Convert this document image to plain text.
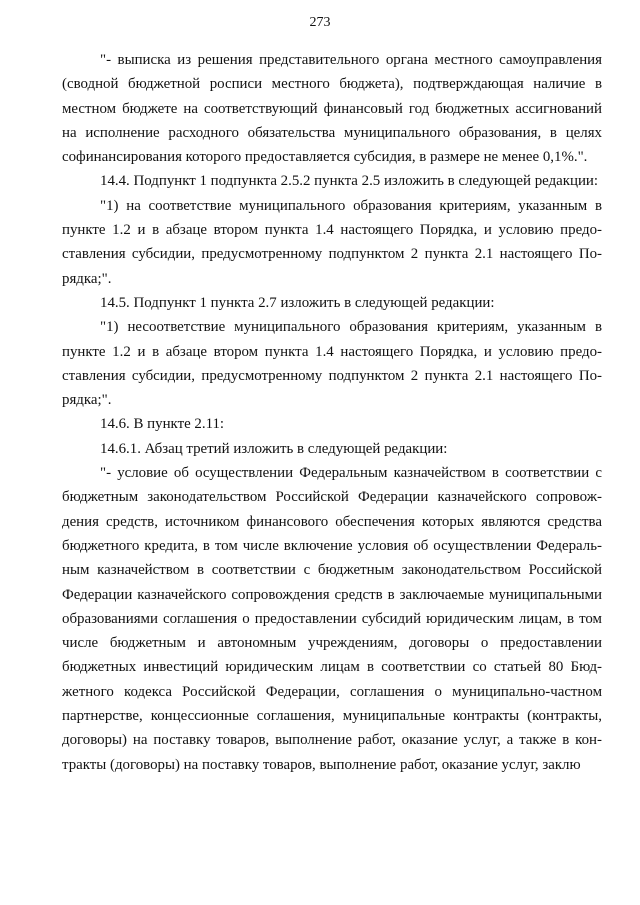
273

"- выписка из решения представительного органа местного самоуправления (сводной бюджетной росписи местного бюджета), подтверждающая наличие в местном бюджете на соответствующий финансовый год бюджетных ассигнований на исполнение расходного обязательства муниципального образования, в целях софинансирования которого предоставляется субсидия, в размере не менее 0,1%.".

14.4. Подпункт 1 подпункта 2.5.2 пункта 2.5 изложить в следующей редакции:

"1) на соответствие муниципального образования критериям, указанным в пункте 1.2 и в абзаце втором пункта 1.4 настоящего Порядка, и условию предоставления субсидии, предусмотренному подпунктом 2 пункта 2.1 настоящего Порядка;".

14.5. Подпункт 1 пункта 2.7 изложить в следующей редакции:

"1) несоответствие муниципального образования критериям, указанным в пункте 1.2 и в абзаце втором пункта 1.4 настоящего Порядка, и условию предоставления субсидии, предусмотренному подпунктом 2 пункта 2.1 настоящего Порядка;".

14.6. В пункте 2.11:

14.6.1. Абзац третий изложить в следующей редакции:

"- условие об осуществлении Федеральным казначейством в соответствии с бюджетным законодательством Российской Федерации казначейского сопровождения средств, источником финансового обеспечения которых являются средства бюджетного кредита, в том числе включение условия об осуществлении Федеральным казначейством в соответствии с бюджетным законодательством Российской Федерации казначейского сопровождения средств в заключаемые муниципальными образованиями соглашения о предоставлении субсидий юридическим лицам, в том числе бюджетным и автономным учреждениям, договоры о предоставлении бюджетных инвестиций юридическим лицам в соответствии со статьей 80 Бюджетного кодекса Российской Федерации, соглашения о муниципально-частном партнерстве, концессионные соглашения, муниципальные контракты (контракты, договоры) на поставку товаров, выполнение работ, оказание услуг, а также в контракты (договоры) на поставку товаров, выполнение работ, оказание услуг, заклю
